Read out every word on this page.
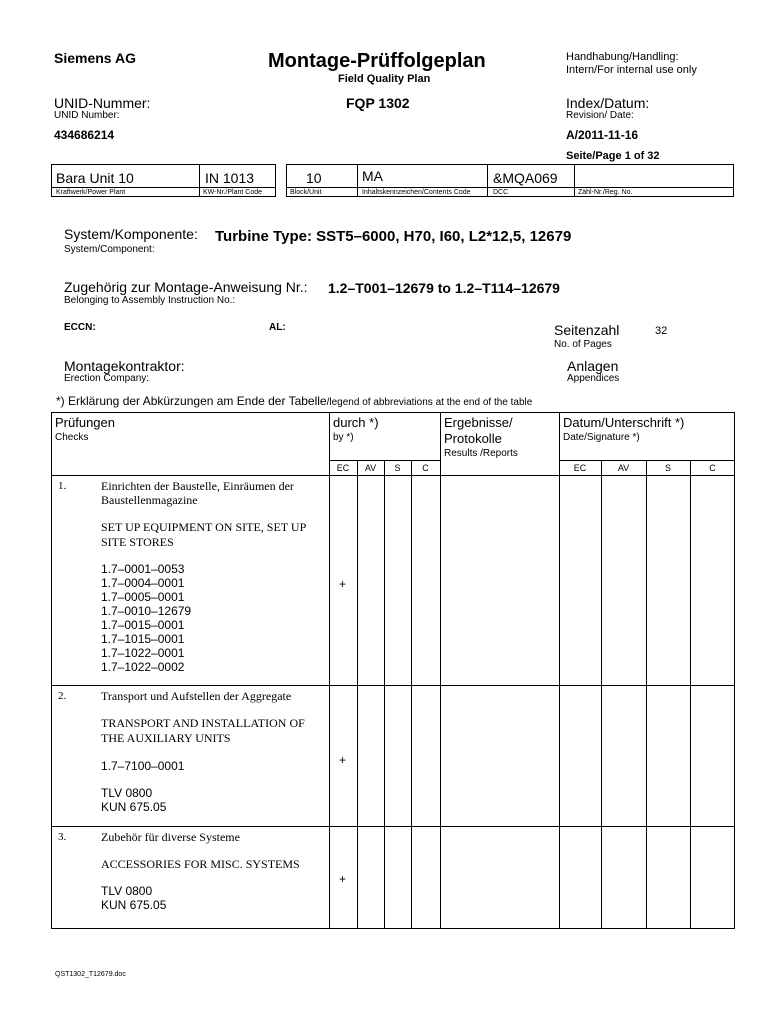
Siemens AG	Montage-Prüffolgeplan
Field Quality Plan
Handhabung/Handling:
Intern/For internal use only
UNID-Nummer:
UNID Number:
434686214
FQP 1302	Index/Datum:
Revision/ Date:
A/2011-11-16
Seite/Page 1 of 32
Bara Unit 10
Kraftwerk/Power Plant
IN 1013
KW-Nr./Plant Code
10
Block/Unit
MA
Inhaltskennzeichen/Contents Code
&MQA069
DCC	Zähl-Nr./Reg. No.
System/Komponente:
System/Component:
Turbine Type: SST5–6000, H70, I60, L2*12,5, 12679
Zugehörig zur Montage-Anweisung Nr.:
Belonging to Assembly Instruction No.:
1.2–T001–12679 to 1.2–T114–12679
ECCN:	AL:	Seitenzahl
No. of Pages
32
Montagekontraktor:
Erection Company:
Anlagen
Appendices
*) Erklärung der Abkürzungen am Ende der Tabelle/legend of abbreviations at the end of the table
Prüfungen
Checks
durch *)
by *)
Ergebnisse/
Protokolle
Results /Reports
Datum/Unterschrift *)
Date/Signature *)
EC	AV	S	C	EC	AV	S	C
1.	Einrichten der Baustelle, Einräumen der
Baustellenmagazine
SET UP EQUIPMENT ON SITE, SET UP
SITE STORES
1.7–0001–0053
1.7–0004–0001
1.7–0005–0001
1.7–0010–12679
1.7–0015–0001
1.7–1015–0001
1.7–1022–0001
1.7–1022–0002
+
2.	Transport und Aufstellen der Aggregate
TRANSPORT AND INSTALLATION OF
THE AUXILIARY UNITS
1.7–7100–0001
TLV 0800
KUN 675.05
+
3.	Zubehör für diverse Systeme
ACCESSORIES FOR MISC. SYSTEMS
TLV 0800
KUN 675.05
+
QST1302_T12679.doc
